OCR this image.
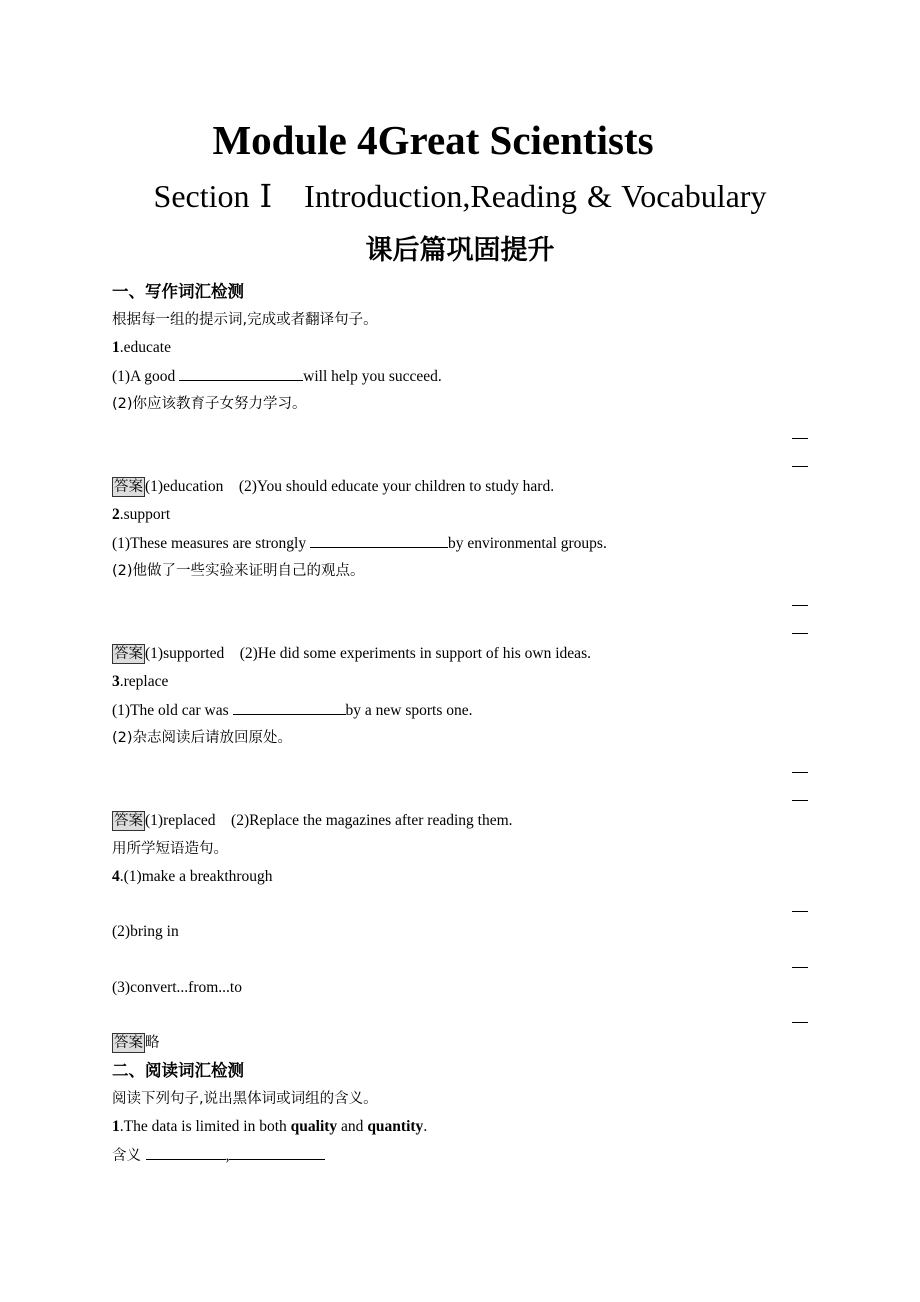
Module 4Great Scientists
Section Ⅰ　Introduction,Reading & Vocabulary
课后篇巩固提升
一、写作词汇检测
根据每一组的提示词,完成或者翻译句子。
1.educate
(1)A good	will help you succeed.
(2)你应该教育子女努力学习。
答案 (1)education　(2)You should educate your children to study hard.
2.support
(1)These measures are strongly	by environmental groups.
(2)他做了一些实验来证明自己的观点。
答案 (1)supported　(2)He did some experiments in support of his own ideas.
3.replace
(1)The old car was	by a new sports one.
(2)杂志阅读后请放回原处。
答案 (1)replaced　(2)Replace the magazines after reading them.
用所学短语造句。
4.(1)make a breakthrough
(2)bring in
(3)convert...from...to
答案 略
二、阅读词汇检测
阅读下列句子,说出黑体词或词组的含义。
1.The data is limited in both quality and quantity.
含义	,
